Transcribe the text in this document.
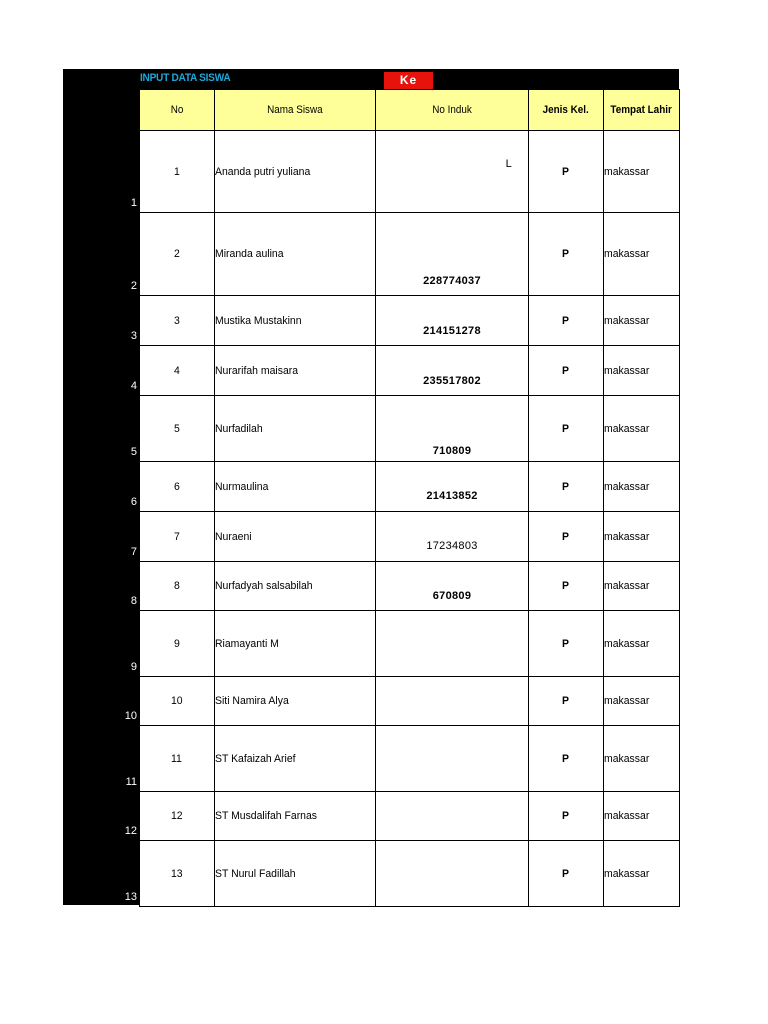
INPUT DATA SISWA	Ke
No	Nama Siswa	No Induk	Jenis Kel.	Tempat Lahir
1	Ananda putri yuliana	L	P	makassar
2	Miranda aulina	228774037	P	makassar
3	Mustika Mustakinn	214151278	P	makassar
4	Nurarifah maisara	235517802	P	makassar
5	Nurfadilah	710809	P	makassar
6	Nurmaulina	21413852	P	makassar
7	Nuraeni	17234803	P	makassar
8	Nurfadyah salsabilah	670809	P	makassar
9	Riamayanti M		P	makassar
10	Siti Namira Alya		P	makassar
11	ST Kafaizah Arief		P	makassar
12	ST Musdalifah Farnas		P	makassar
13	ST Nurul Fadillah		P	makassar
1
2
3
4
5
6
7
8
9
10
11
12
13
